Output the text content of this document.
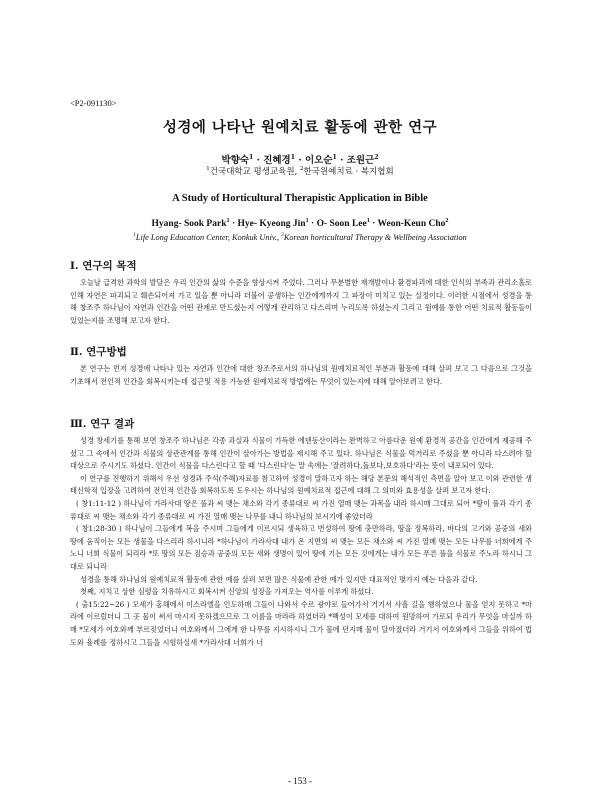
<P2-091130>
성경에 나타난 원예치료 활동에 관한 연구
박향숙$^1$ · 진혜경$^1$ · 이오순$^1$ · 조원근$^2$
$^1$건국대학교 평생교육원, $^2$한국원예치료 · 복지협회
A Study of Horticultural Therapistic Application in Bible
Hyang- Sook Park$^1$ · Hye- Kyeong Jin$^1$ · O- Soon Lee$^1$ · Weon-Keun Cho$^2$
$^1$Life Long Education Center, Konkuk Univ., $^2$Korean horticultural Therapy & Wellbeing Association
Ⅰ. 연구의 목적

오늘날 급격한 과학의 발달은 우리 인간의 삶의 수준을 향상시켜 주었다. 그러나 무분별한 재개발이나 환경파괴에 대한 인식의 부족과 관리소홀로 인해 자연은 파괴되고 훼손되어져 가고 있을 뿐 아니라 더불어 공생하는 인간에게까지 그 파장이 미치고 있는 실정이다. 이러한 시점에서 성경을 통해 창조주 하나님이 자연과 인간을 어떤 관계로 만드셨는지 어떻게 관리하고 다스리며 누리도록 하셨는지 그리고 원예를 통한 어떤 치료적 활동들이 있었는지를 조명해 보고자 한다.

Ⅱ. 연구방법

본 연구는 먼저 성경에 나타나 있는 자연과 인간에 대한 창조주로서의 하나님의 원예치료적인 부분과 활동에 대해 살펴 보고 그 다음으로 그것을 기초해서 전인적 인간을 회복시키는데 접근및 적용 가능한 원예치료적 방법에는 무엇이 있는지에 대해 알아보려고 한다.

Ⅲ. 연구 결과

성경 창세기를 통해 보면 창조주 하나님은 각종 과실과 식물이 가득한 에덴동산이라는 완벽하고 아름다운 원예 환경적 공간을 인간에게 제공해 주셨고 그 속에서 인간과 식물의 상관관계를 통해 인간이 살아가는 방법을 제시해 주고 있다. 하나님은 식물을 먹거리로 주셨을 뿐 아니라 다스려야 할 대상으로 주시기도 하셨다. 인간이 식물을 다스린다고 할 때 '다스린다'는 말 속에는 '잘려하다,돌보다,보호하다'라는 뜻이 내포되어 있다.

이 연구를 진행하기 위해서 우선 성경과 주석(주해)자료를 참고하여 성경이 말하고자 하는 해당 본문의 해석적인 측면을 알아 보고 이와 관련한 생태신학적 입장을 고려하여 전인적 인간을 회복하도록 도우시는 하나님의 원예치료적 접근에 대해 그 의미와 효용성을 살펴 보고자 한다.

( 창1:11-12 ) 하나님이 가라사대 땅은 풀과 씨 맺는 채소와 각기 종류대로 씨 가진 열매 맺는 과목을 내라 하시매 그대로 되어 *땅이 풀과 각기 종류대로 씨 맺는 채소와 각기 종류대로 씨 가진 열매 맺는 나무를 내니 하나님의 보시기에 좋았더라

( 창1:28-30 ) 하나님이 그들에게 복을 주시며 그들에게 이르시되 생육하고 번성하여 땅에 충만하라, 땅을 정복하라, 바다의 고기와 공중의 새와 땅에 움직이는 모든 생물을 다스리라 하시니라 *하나님이 가라사대 내가 온 지면의 씨 맺는 모든 채소와 씨 가진 열매 맺는 모든 나무를 너희에게 주노니 너희 식물이 되리라 *또 땅의 모든 짐승과 공중의 모든 새와 생명이 있어 땅에 기는 모든 것에게는 내가 모든 푸른 풀을 식물로 주노라 하시니 그대로 되니라

성경을 통해 하나님의 원예치료적 활동에 관한 예를 살펴 보면 많은 식물에 관한 예가 있지만 대표적인 몇가지 예는 다음과 같다.

첫째, 지치고 상한 심령을 치유하시고 회복시켜 신앙의 성장을 가져오는 역사를 이루게 하셨다.

( 출15:22~26 ) 모세가 홍해에서 이스라엘을 인도하매 그들이 나와서 수르 광야로 들어가서 거기서 사흘 길을 행하였으나 물을 얻지 못하고 *마라에 이르렀더니 그 곳 물이 써서 마시지 못하겠으므로 그 이름을 마라라 하였더라 *백성이 모세를 대하여 원망하여 가로되 우리가 무엇을 마실까 하매 *모세가 여호와께 부르짖었더니 여호와께서 그에게 한 나무를 지시하시니 그가 물에 던지매 물이 달아졌더라 거기서 여호와께서 그들을 위하여 법도와 율례를 정하시고 그들을 시험하실새 *가라사대 너희가 너

- 153 -
